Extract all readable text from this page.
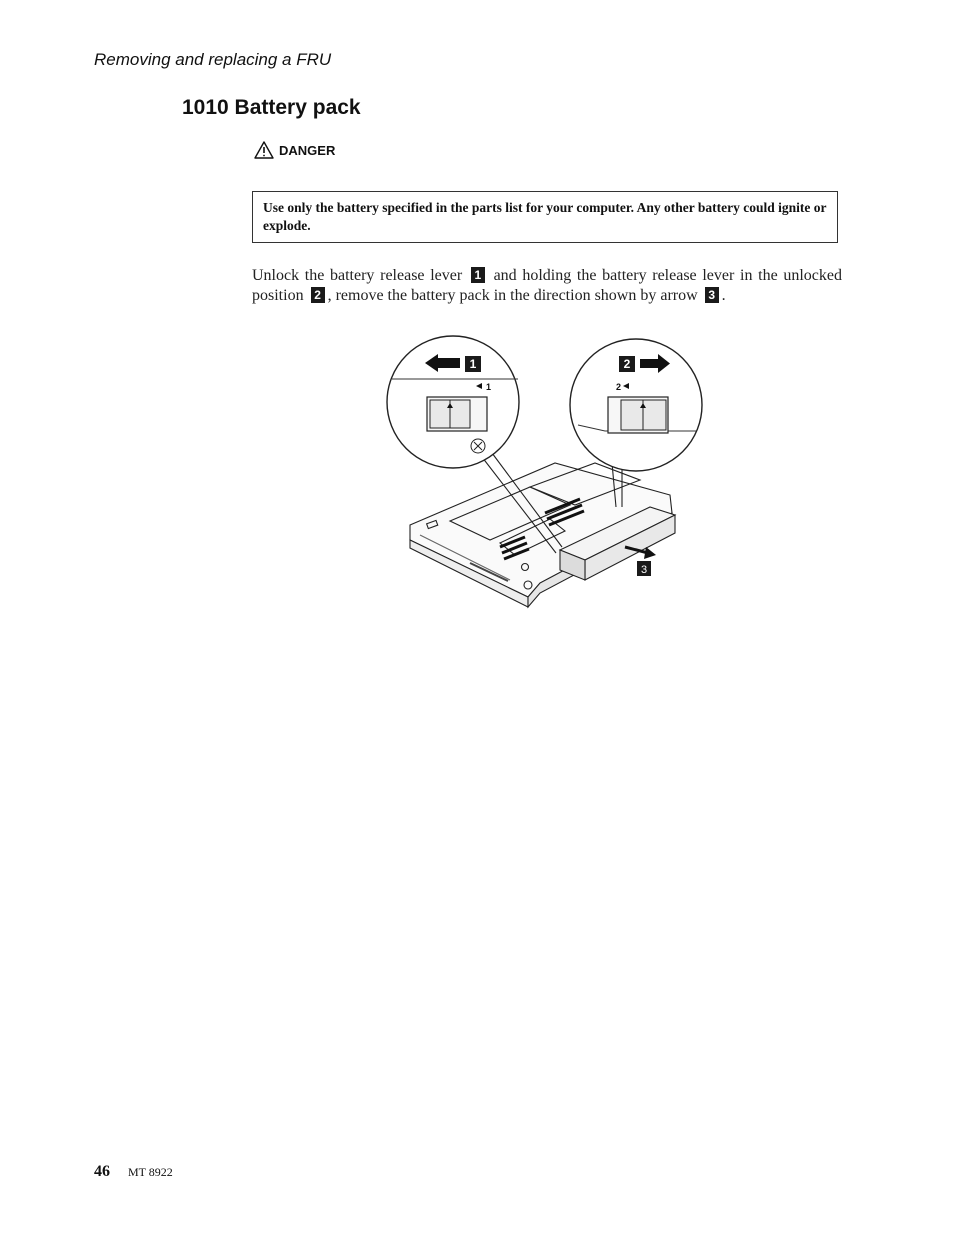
Removing and replacing a FRU
1010 Battery pack
DANGER
Use only the battery specified in the parts list for your computer. Any other battery could ignite or explode.

Unlock the battery release lever 1 and holding the battery release lever in the unlocked position 2 , remove the battery pack in the direction shown by arrow 3 .

3
1
1
2
2
46 MT 8922
